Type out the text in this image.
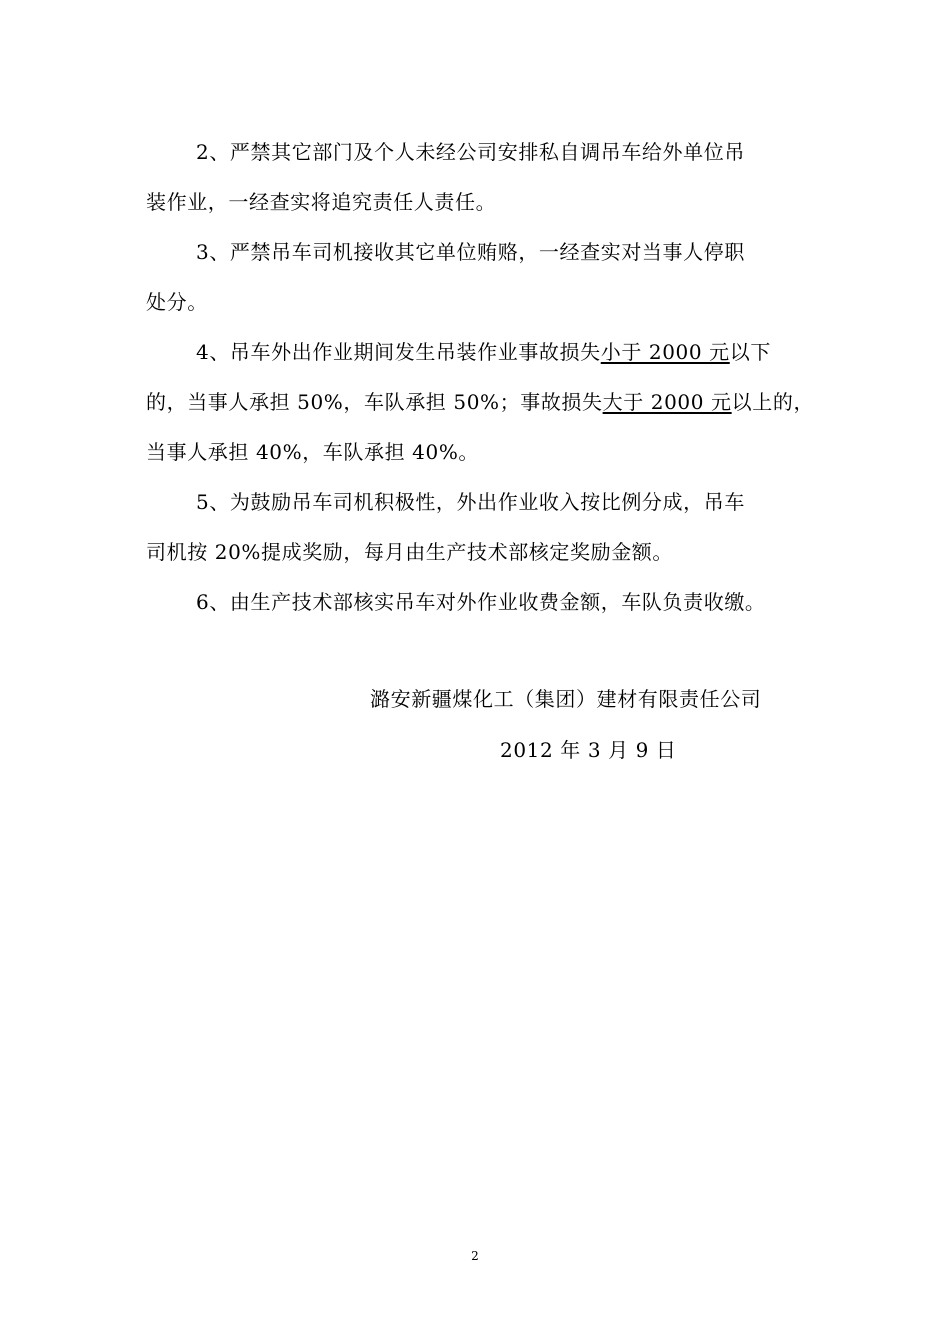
2、严禁其它部门及个人未经公司安排私自调吊车给外单位吊
装作业，一经查实将追究责任人责任。
3、严禁吊车司机接收其它单位贿赂，一经查实对当事人停职
处分。
4、吊车外出作业期间发生吊装作业事故损失小于 2000 元以下
的，当事人承担 50%，车队承担 50%；事故损失大于 2000 元以上的，
当事人承担 40%，车队承担 40%。
5、为鼓励吊车司机积极性，外出作业收入按比例分成，吊车
司机按 20%提成奖励，每月由生产技术部核定奖励金额。
6、由生产技术部核实吊车对外作业收费金额，车队负责收缴。
潞安新疆煤化工（集团）建材有限责任公司
2012 年 3 月 9 日
2
